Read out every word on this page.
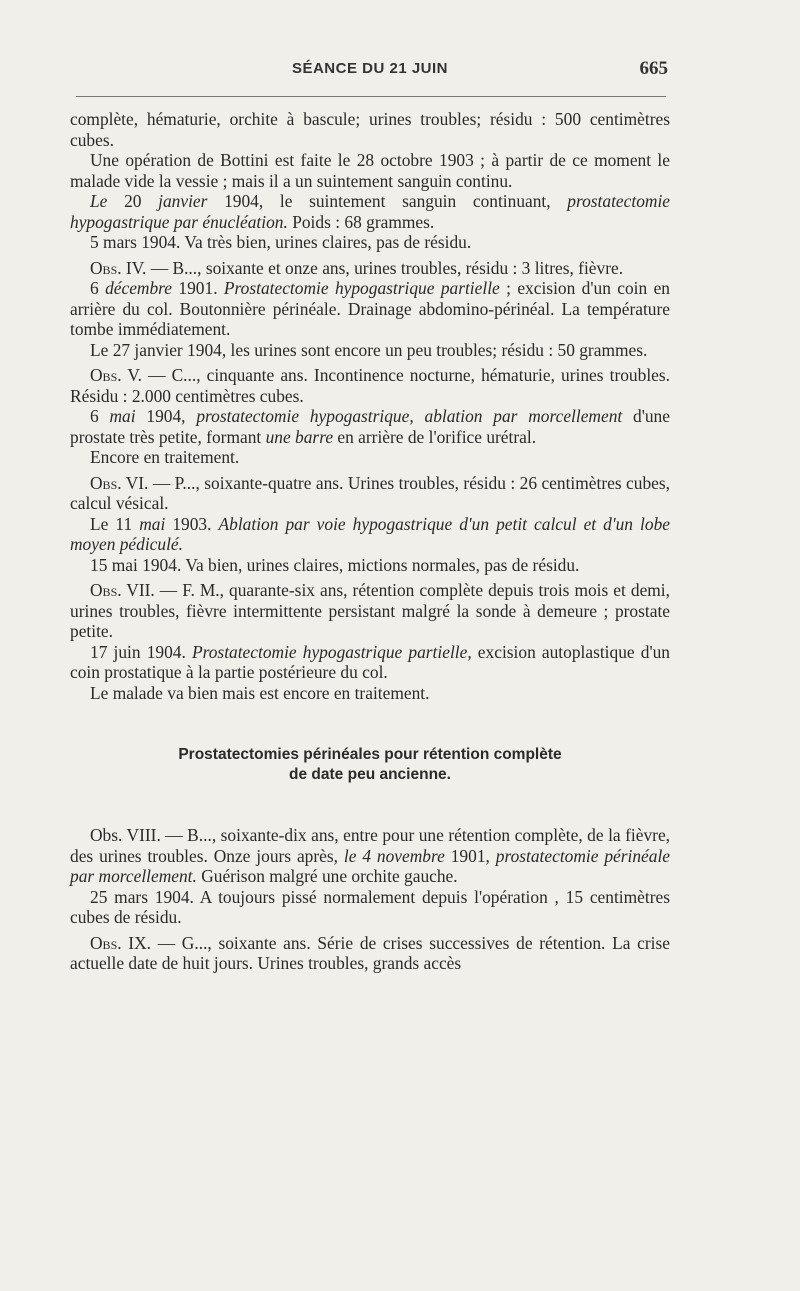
SÉANCE DU 21 JUIN	665

complète, hématurie, orchite à bascule; urines troubles; résidu : 500 centimètres cubes.

Une opération de Bottini est faite le 28 octobre 1903 ; à partir de ce moment le malade vide la vessie ; mais il a un suintement sanguin continu.

Le 20 janvier 1904, le suintement sanguin continuant, prostatectomie hypogastrique par énucléation. Poids : 68 grammes.

5 mars 1904. Va très bien, urines claires, pas de résidu.

Obs. IV. — B..., soixante et onze ans, urines troubles, résidu : 3 litres, fièvre.

6 décembre 1901. Prostatectomie hypogastrique partielle ; excision d'un coin en arrière du col. Boutonnière périnéale. Drainage abdomino-périnéal. La température tombe immédiatement.

Le 27 janvier 1904, les urines sont encore un peu troubles; résidu : 50 grammes.

Obs. V. — C..., cinquante ans. Incontinence nocturne, hématurie, urines troubles. Résidu : 2.000 centimètres cubes.

6 mai 1904, prostatectomie hypogastrique, ablation par morcellement d'une prostate très petite, formant une barre en arrière de l'orifice urétral.

Encore en traitement.

Obs. VI. — P..., soixante-quatre ans. Urines troubles, résidu : 26 centimètres cubes, calcul vésical.

Le 11 mai 1903. Ablation par voie hypogastrique d'un petit calcul et d'un lobe moyen pédiculé.

15 mai 1904. Va bien, urines claires, mictions normales, pas de résidu.

Obs. VII. — F. M., quarante-six ans, rétention complète depuis trois mois et demi, urines troubles, fièvre intermittente persistant malgré la sonde à demeure ; prostate petite.

17 juin 1904. Prostatectomie hypogastrique partielle, excision autoplastique d'un coin prostatique à la partie postérieure du col.

Le malade va bien mais est encore en traitement.

Prostatectomies périnéales pour rétention complète
de date peu ancienne.

Obs. VIII. — B..., soixante-dix ans, entre pour une rétention complète, de la fièvre, des urines troubles. Onze jours après, le 4 novembre 1901, prostatectomie périnéale par morcellement. Guérison malgré une orchite gauche.

25 mars 1904. A toujours pissé normalement depuis l'opération , 15 centimètres cubes de résidu.

Obs. IX. — G..., soixante ans. Série de crises successives de rétention. La crise actuelle date de huit jours. Urines troubles, grands accès
